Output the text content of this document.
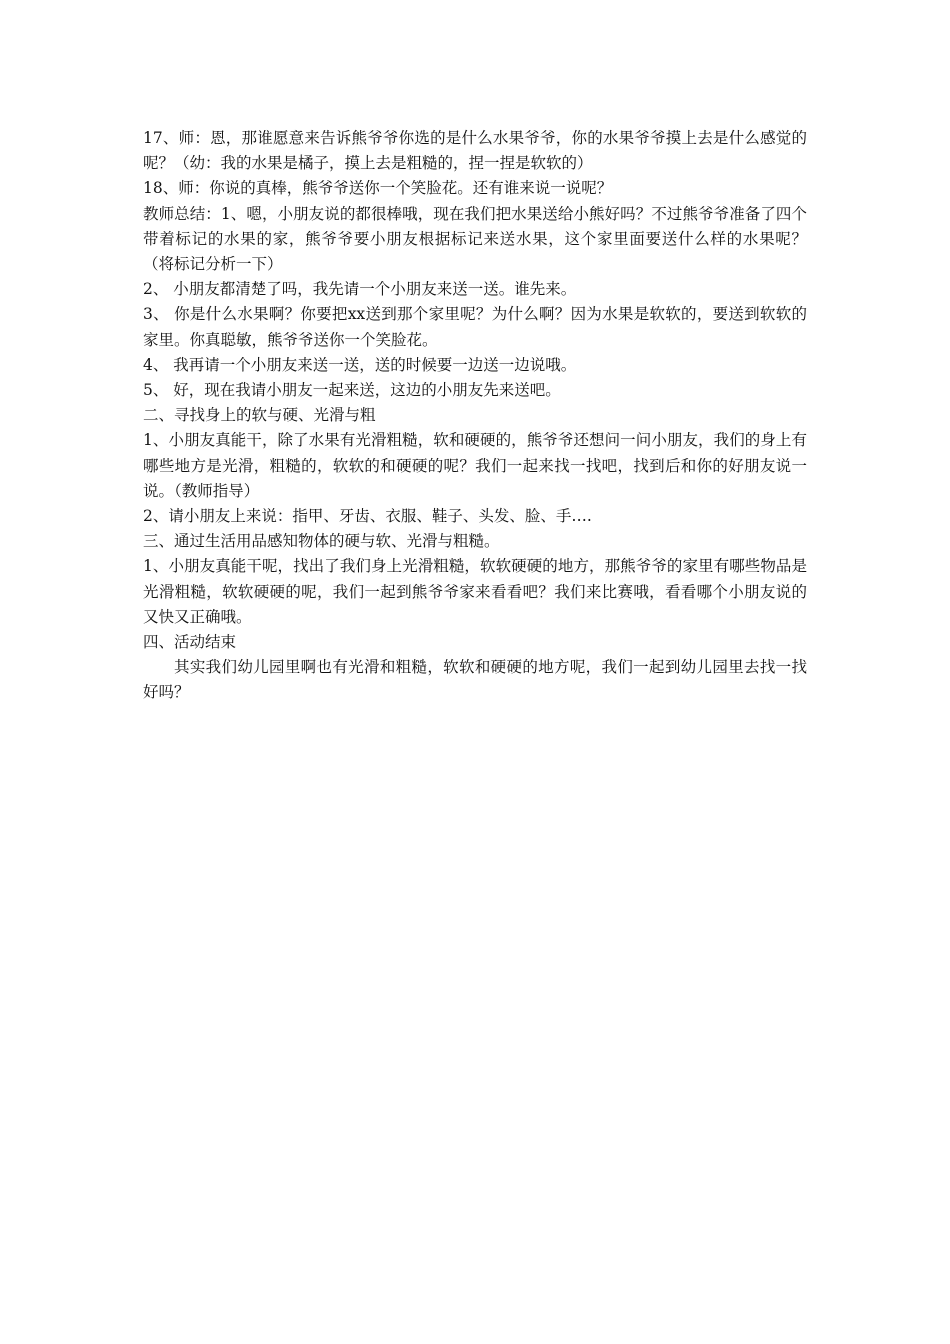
17、师：恩，那谁愿意来告诉熊爷爷你选的是什么水果爷爷，你的水果爷爷摸上去是什么感觉的呢？（幼：我的水果是橘子，摸上去是粗糙的，捏一捏是软软的）

18、师：你说的真棒，熊爷爷送你一个笑脸花。还有谁来说一说呢？

教师总结：1、嗯，小朋友说的都很棒哦，现在我们把水果送给小熊好吗？不过熊爷爷准备了四个带着标记的水果的家，熊爷爷要小朋友根据标记来送水果，这个家里面要送什么样的水果呢？（将标记分析一下）

2、 小朋友都清楚了吗，我先请一个小朋友来送一送。谁先来。

3、 你是什么水果啊？你要把xx送到那个家里呢？为什么啊？因为水果是软软的，要送到软软的家里。你真聪敏，熊爷爷送你一个笑脸花。

4、 我再请一个小朋友来送一送，送的时候要一边送一边说哦。

5、 好，现在我请小朋友一起来送，这边的小朋友先来送吧。

二、寻找身上的软与硬、光滑与粗

1、小朋友真能干，除了水果有光滑粗糙，软和硬硬的，熊爷爷还想问一问小朋友，我们的身上有哪些地方是光滑，粗糙的，软软的和硬硬的呢？我们一起来找一找吧，找到后和你的好朋友说一说。（教师指导）

2、请小朋友上来说：指甲、牙齿、衣服、鞋子、头发、脸、手….

三、通过生活用品感知物体的硬与软、光滑与粗糙。

1、小朋友真能干呢，找出了我们身上光滑粗糙，软软硬硬的地方，那熊爷爷的家里有哪些物品是光滑粗糙，软软硬硬的呢，我们一起到熊爷爷家来看看吧？我们来比赛哦，看看哪个小朋友说的又快又正确哦。

四、活动结束

其实我们幼儿园里啊也有光滑和粗糙，软软和硬硬的地方呢，我们一起到幼儿园里去找一找好吗？
